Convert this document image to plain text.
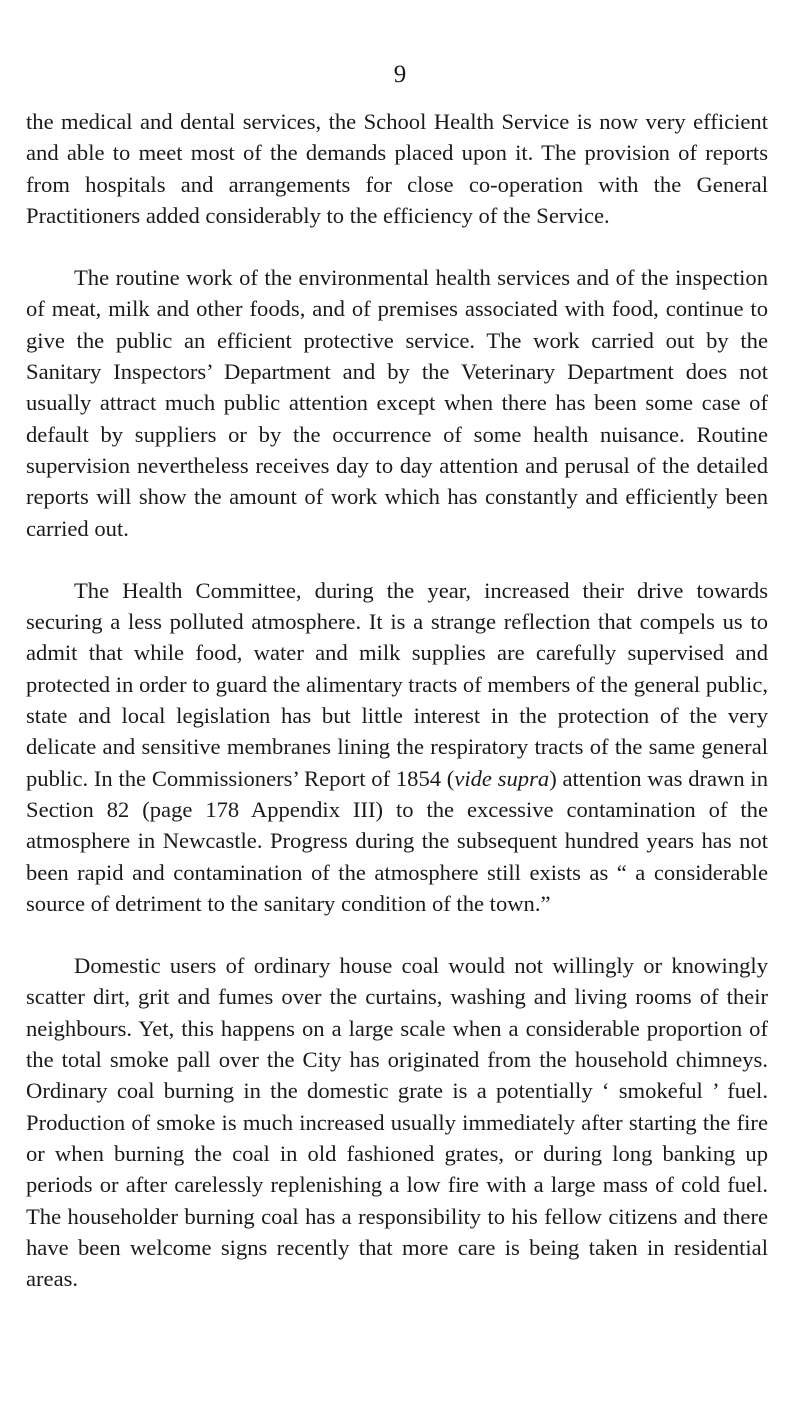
9

the medical and dental services, the School Health Service is now very efficient and able to meet most of the demands placed upon it. The provision of reports from hospitals and arrangements for close co-operation with the General Practitioners added considerably to the efficiency of the Service.

The routine work of the environmental health services and of the inspection of meat, milk and other foods, and of premises associated with food, continue to give the public an efficient protective service. The work carried out by the Sanitary Inspectors’ Department and by the Veterinary Department does not usually attract much public attention except when there has been some case of default by suppliers or by the occurrence of some health nuisance. Routine supervision nevertheless receives day to day attention and perusal of the detailed reports will show the amount of work which has constantly and efficiently been carried out.

The Health Committee, during the year, increased their drive towards securing a less polluted atmosphere. It is a strange reflection that compels us to admit that while food, water and milk supplies are carefully supervised and protected in order to guard the alimentary tracts of members of the general public, state and local legislation has but little interest in the protection of the very delicate and sensitive membranes lining the respiratory tracts of the same general public. In the Commissioners’ Report of 1854 (vide supra) attention was drawn in Section 82 (page 178 Appendix III) to the excessive contamination of the atmosphere in Newcastle. Progress during the subsequent hundred years has not been rapid and contamination of the atmosphere still exists as “ a considerable source of detriment to the sanitary condition of the town.”

Domestic users of ordinary house coal would not willingly or knowingly scatter dirt, grit and fumes over the curtains, washing and living rooms of their neighbours. Yet, this happens on a large scale when a considerable proportion of the total smoke pall over the City has originated from the household chimneys. Ordinary coal burning in the domestic grate is a potentially ‘ smokeful ’ fuel. Production of smoke is much increased usually immediately after starting the fire or when burning the coal in old fashioned grates, or during long banking up periods or after carelessly replenishing a low fire with a large mass of cold fuel. The householder burning coal has a responsibility to his fellow citizens and there have been welcome signs recently that more care is being taken in residential areas.
